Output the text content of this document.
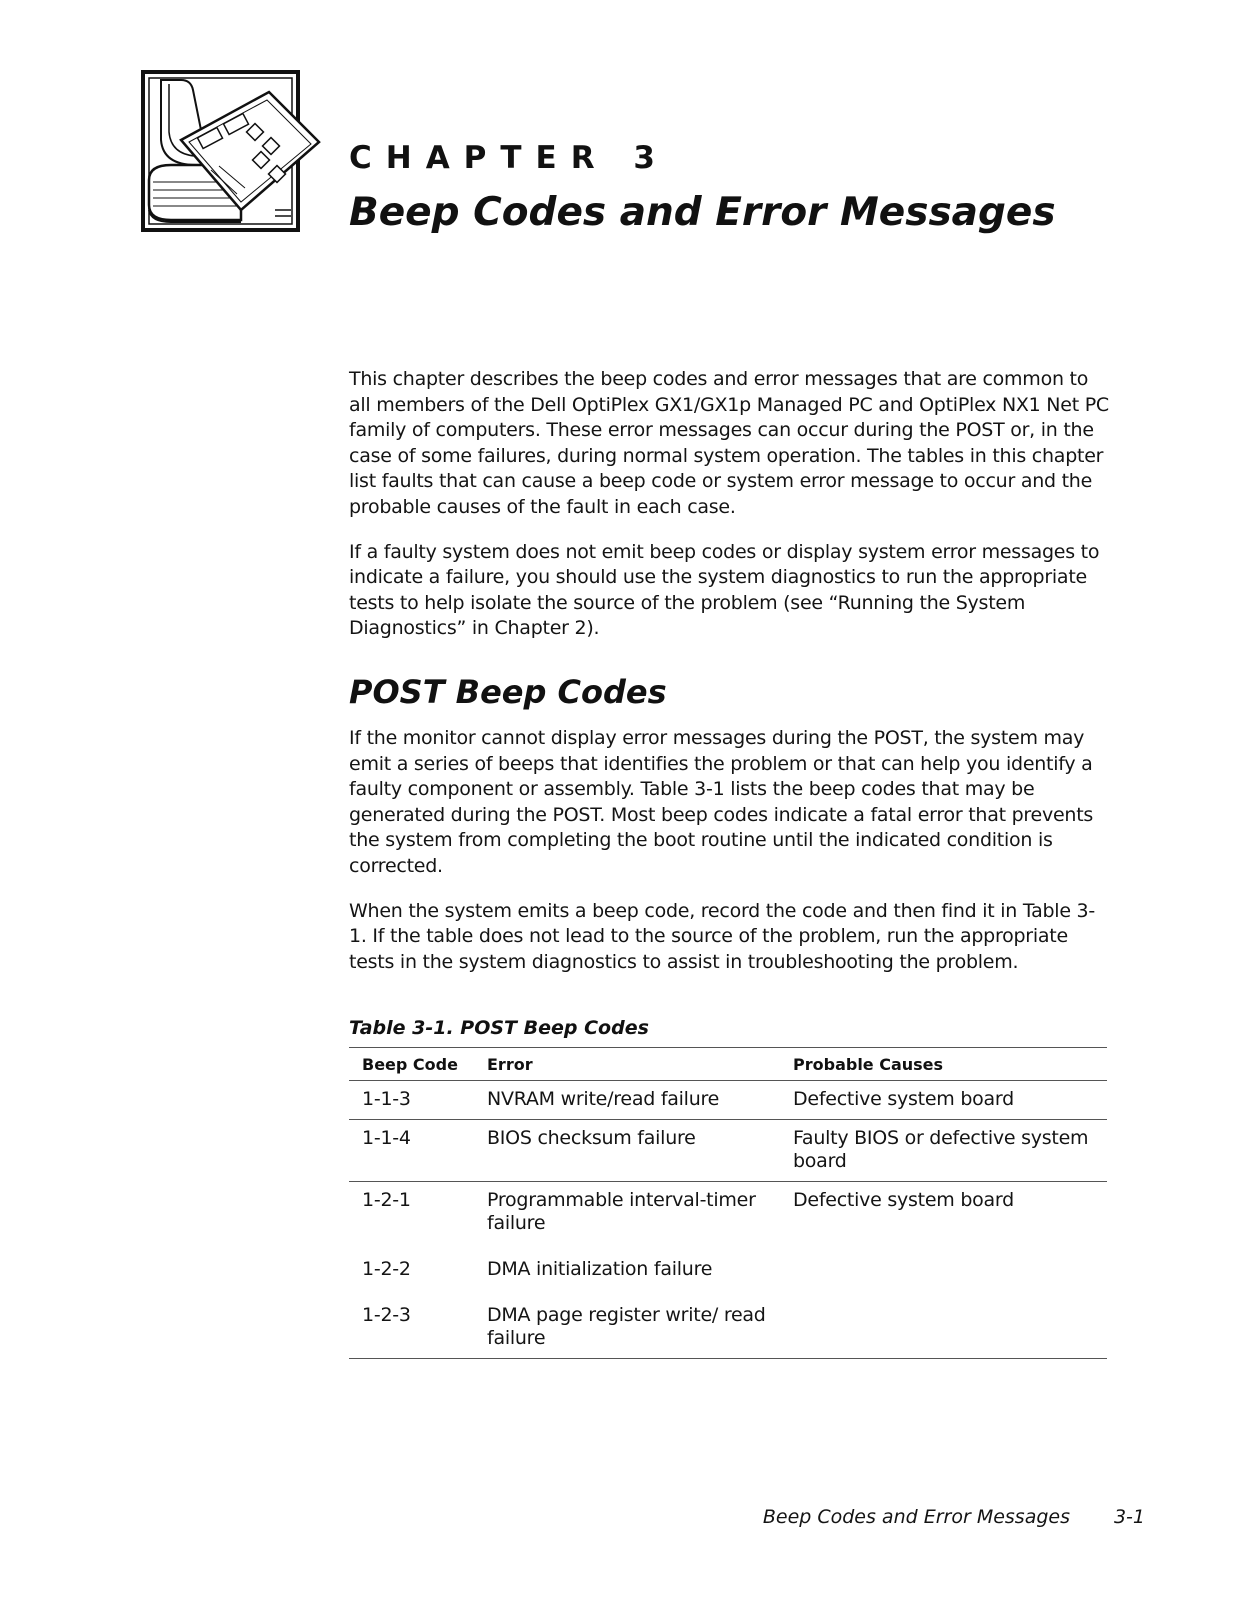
CHAPTER 3
Beep Codes and Error Messages

This chapter describes the beep codes and error messages that are common to all members of the Dell OptiPlex GX1/GX1p Managed PC and OptiPlex NX1 Net PC family of computers. These error messages can occur during the POST or, in the case of some failures, during normal system operation. The tables in this chapter list faults that can cause a beep code or system error message to occur and the probable causes of the fault in each case.

If a faulty system does not emit beep codes or display system error messages to indicate a failure, you should use the system diagnostics to run the appropriate tests to help isolate the source of the problem (see “Running the System Diagnostics” in Chapter 2).

POST Beep Codes

If the monitor cannot display error messages during the POST, the system may emit a series of beeps that identifies the problem or that can help you identify a faulty component or assembly. Table 3-1 lists the beep codes that may be generated during the POST. Most beep codes indicate a fatal error that prevents the system from completing the boot routine until the indicated condition is corrected.

When the system emits a beep code, record the code and then find it in Table 3-1. If the table does not lead to the source of the problem, run the appropriate tests in the system diagnostics to assist in troubleshooting the problem.

Table 3-1. POST Beep Codes
Beep Code	Error	Probable Causes
1-1-3	NVRAM write/read failure	Defective system board
1-1-4	BIOS checksum failure	Faulty BIOS or defective system board
1-2-1	Programmable interval-timer failure	Defective system board
1-2-2	DMA initialization failure	
1-2-3	DMA page register write/ read failure	
Beep Codes and Error Messages 3-1
